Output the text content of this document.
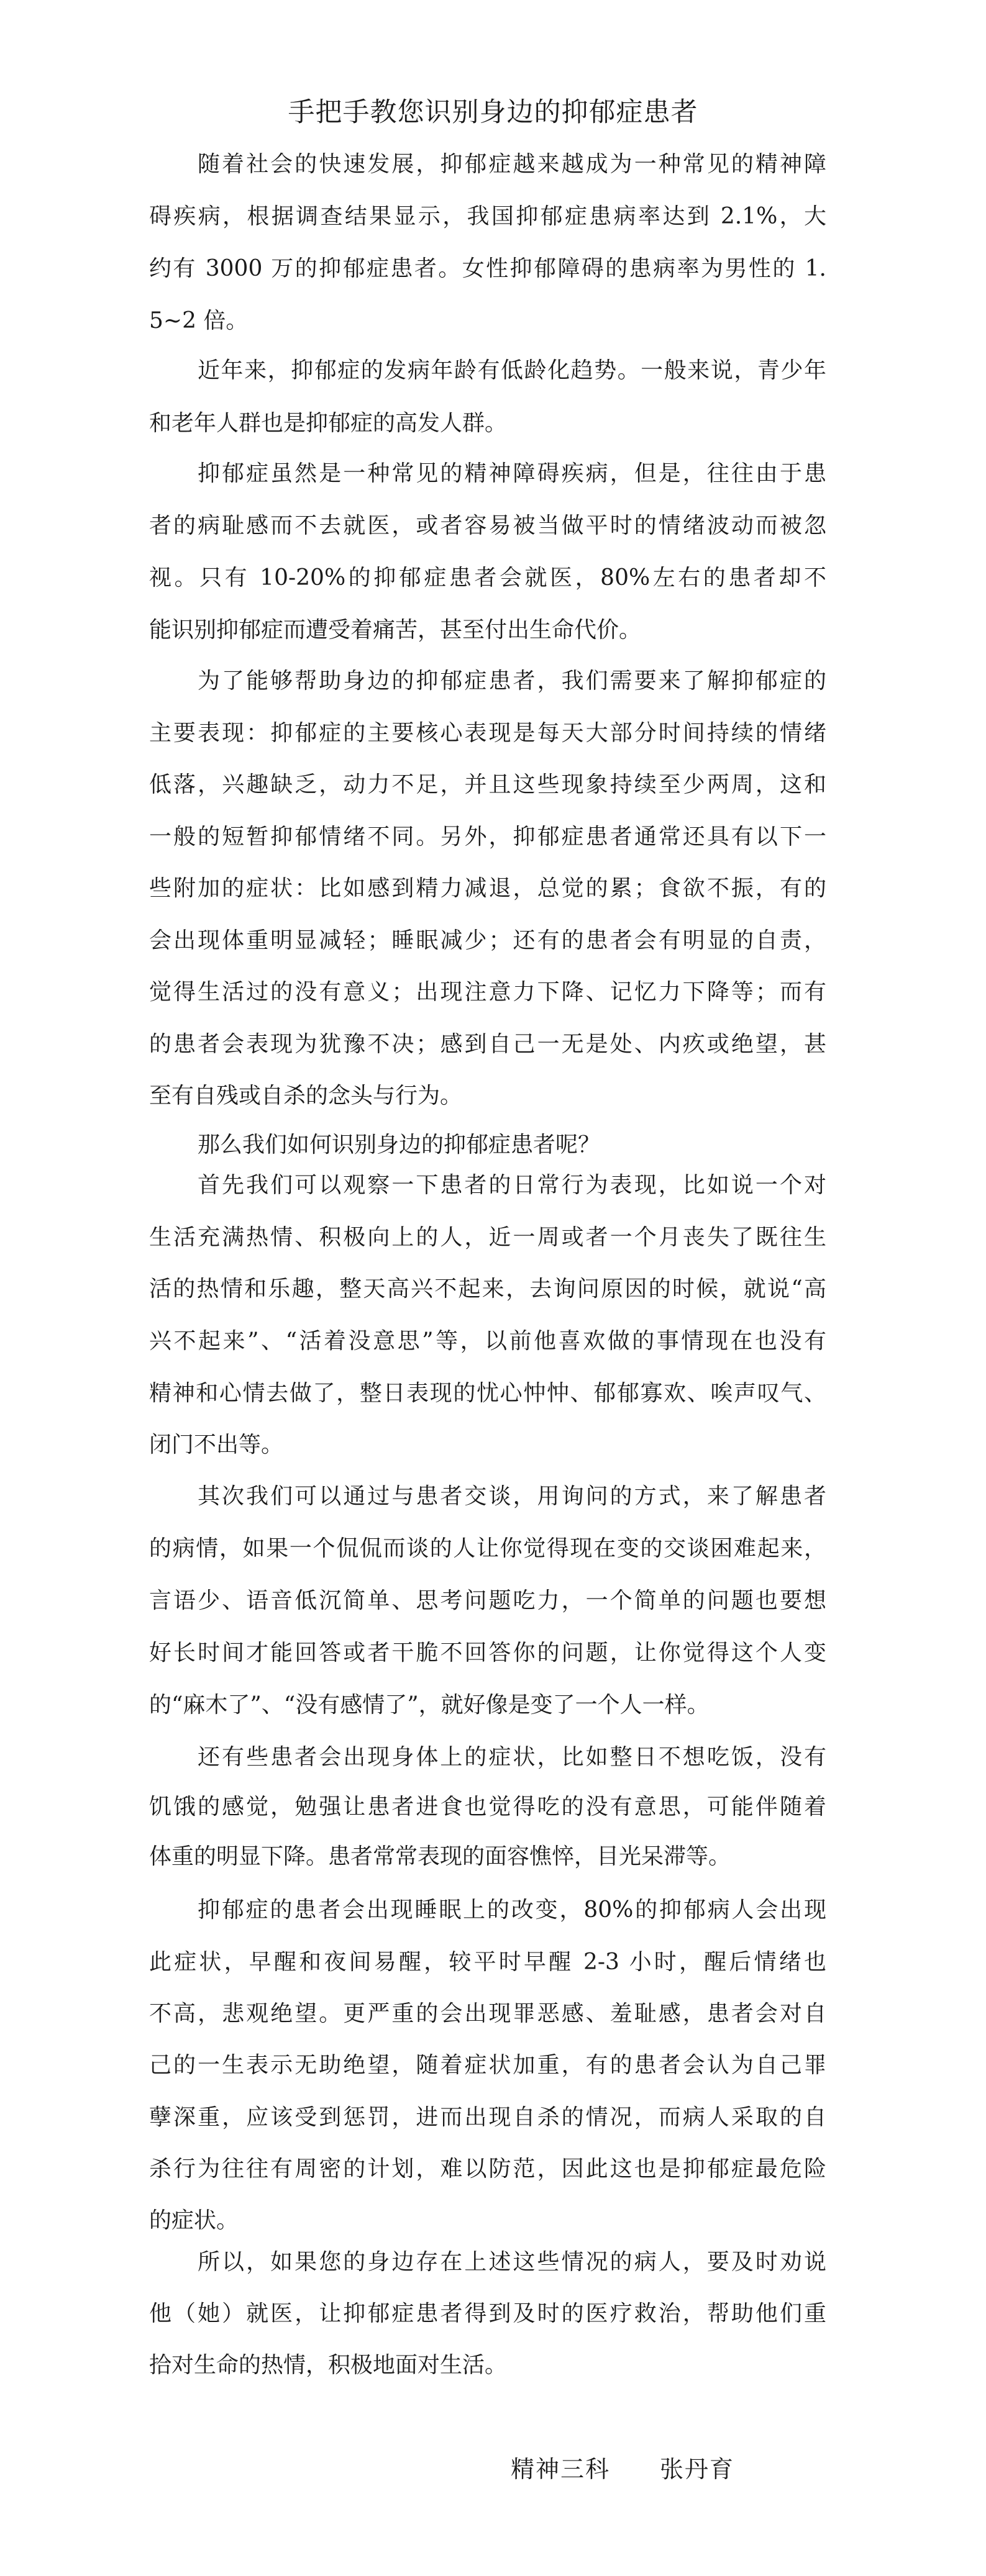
手把手教您识别身边的抑郁症患者
随着社会的快速发展，抑郁症越来越成为一种常见的精神障
碍疾病，根据调查结果显示，我国抑郁症患病率达到 2.1%，大
约有 3000 万的抑郁症患者。女性抑郁障碍的患病率为男性的 1.
5~2 倍。
近年来，抑郁症的发病年龄有低龄化趋势。一般来说，青少年
和老年人群也是抑郁症的高发人群。
抑郁症虽然是一种常见的精神障碍疾病，但是，往往由于患
者的病耻感而不去就医，或者容易被当做平时的情绪波动而被忽
视。只有 10-20%的抑郁症患者会就医，80%左右的患者却不
能识别抑郁症而遭受着痛苦，甚至付出生命代价。
为了能够帮助身边的抑郁症患者，我们需要来了解抑郁症的
主要表现：抑郁症的主要核心表现是每天大部分时间持续的情绪
低落，兴趣缺乏，动力不足，并且这些现象持续至少两周，这和
一般的短暂抑郁情绪不同。另外，抑郁症患者通常还具有以下一
些附加的症状：比如感到精力减退，总觉的累；食欲不振，有的
会出现体重明显减轻；睡眠减少；还有的患者会有明显的自责，
觉得生活过的没有意义；出现注意力下降、记忆力下降等；而有
的患者会表现为犹豫不决；感到自己一无是处、内疚或绝望，甚
至有自残或自杀的念头与行为。
那么我们如何识别身边的抑郁症患者呢？
首先我们可以观察一下患者的日常行为表现，比如说一个对
生活充满热情、积极向上的人，近一周或者一个月丧失了既往生
活的热情和乐趣，整天高兴不起来，去询问原因的时候，就说“高
兴不起来”、“活着没意思”等，以前他喜欢做的事情现在也没有
精神和心情去做了，整日表现的忧心忡忡、郁郁寡欢、唉声叹气、
闭门不出等。
其次我们可以通过与患者交谈，用询问的方式，来了解患者
的病情，如果一个侃侃而谈的人让你觉得现在变的交谈困难起来，
言语少、语音低沉简单、思考问题吃力，一个简单的问题也要想
好长时间才能回答或者干脆不回答你的问题，让你觉得这个人变
的“麻木了”、“没有感情了”，就好像是变了一个人一样。
还有些患者会出现身体上的症状，比如整日不想吃饭，没有
饥饿的感觉，勉强让患者进食也觉得吃的没有意思，可能伴随着
体重的明显下降。患者常常表现的面容憔悴，目光呆滞等。
抑郁症的患者会出现睡眠上的改变，80%的抑郁病人会出现
此症状，早醒和夜间易醒，较平时早醒 2-3 小时，醒后情绪也
不高，悲观绝望。更严重的会出现罪恶感、羞耻感，患者会对自
己的一生表示无助绝望，随着症状加重，有的患者会认为自己罪
孽深重，应该受到惩罚，进而出现自杀的情况，而病人采取的自
杀行为往往有周密的计划，难以防范，因此这也是抑郁症最危险
的症状。
所以，如果您的身边存在上述这些情况的病人，要及时劝说
他（她）就医，让抑郁症患者得到及时的医疗救治，帮助他们重
拾对生命的热情，积极地面对生活。
精神三科 张丹育
